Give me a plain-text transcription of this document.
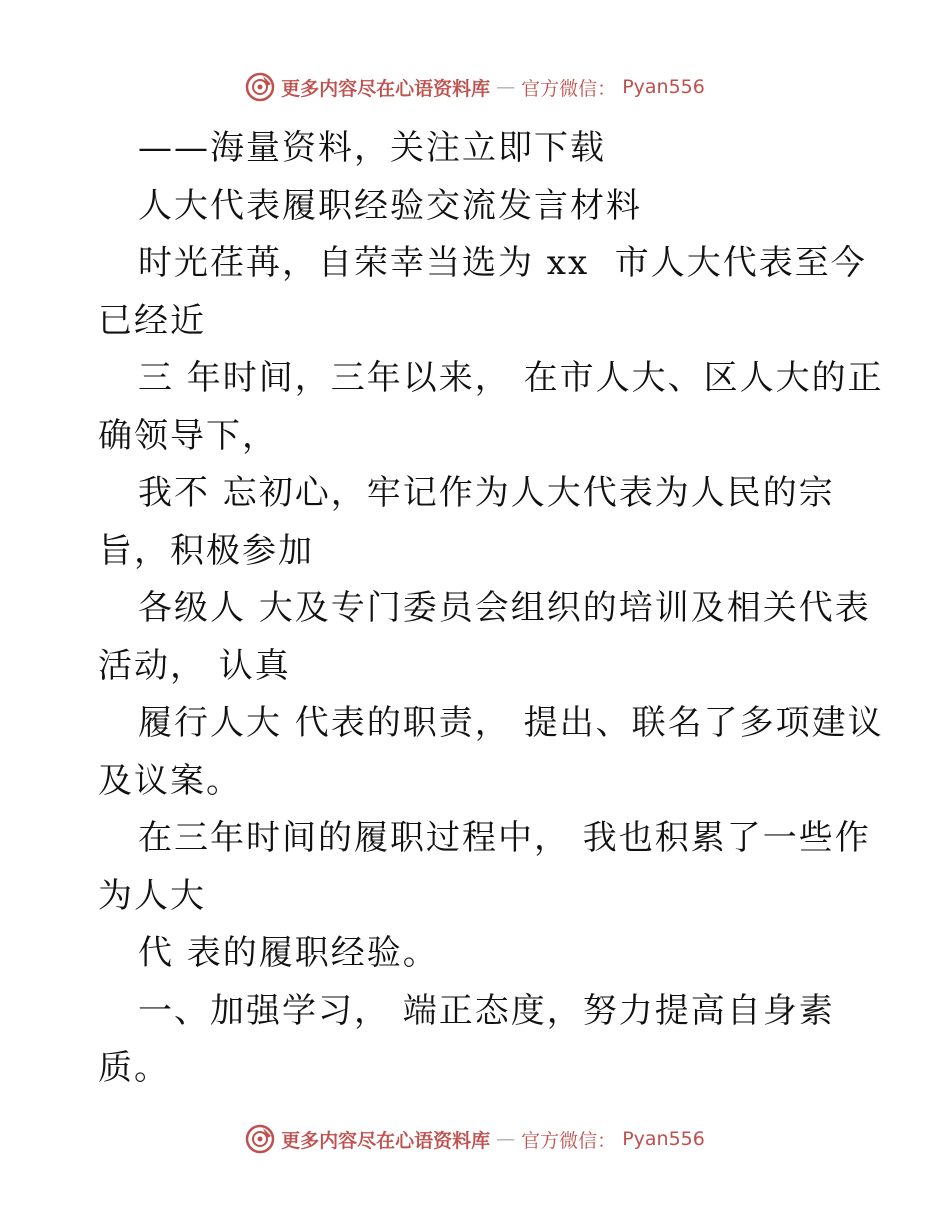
更多内容尽在心语资料库 — 官方微信： Pyan556
——海量资料，关注立即下载
人大代表履职经验交流发言材料
时光荏苒，自荣幸当选为 xx  市人大代表至今
已经近
三 年时间，三年以来， 在市人大、区人大的正
确领导下，
我不 忘初心，牢记作为人大代表为人民的宗
旨，积极参加
各级人 大及专门委员会组织的培训及相关代表
活动， 认真
履行人大 代表的职责， 提出、联名了多项建议
及议案。
在三年时间的履职过程中， 我也积累了一些作
为人大
代 表的履职经验。
一、加强学习， 端正态度，努力提高自身素
质。
更多内容尽在心语资料库 — 官方微信： Pyan556
